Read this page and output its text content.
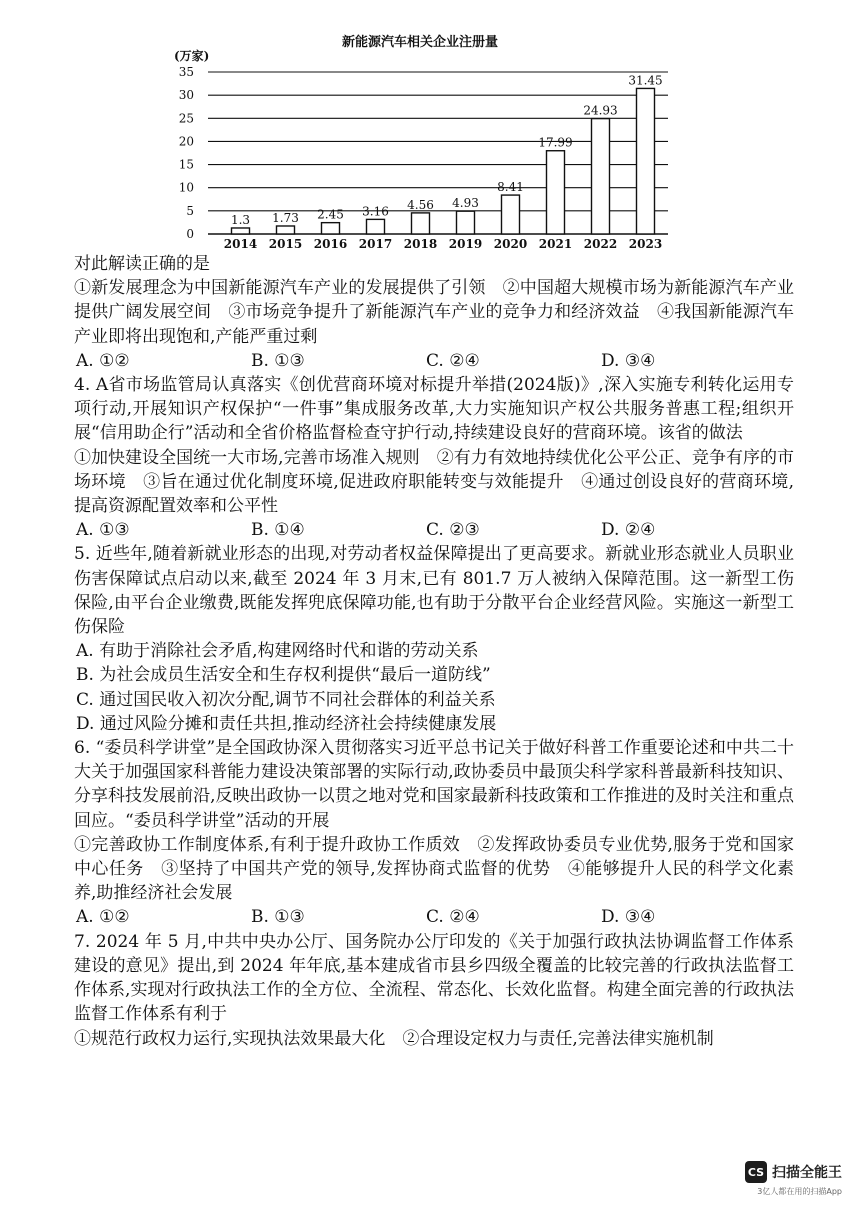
新能源汽车相关企业注册量
(万家)
0
5
10
15
20
25
30
35
1.3
2014
1.73
2015
2.45
2016
3.16
2017
4.56
2018
4.93
2019
8.41
2020
17.99
2021
24.93
2022
31.45
2023

对此解读正确的是

①新发展理念为中国新能源汽车产业的发展提供了引领　②中国超大规模市场为新能源汽车产业提供广阔发展空间　③市场竞争提升了新能源汽车产业的竞争力和经济效益　④我国新能源汽车产业即将出现饱和,产能严重过剩

A. ①②	B. ①③	C. ②④	D. ③④

4. A省市场监管局认真落实《创优营商环境对标提升举措(2024版)》,深入实施专利转化运用专项行动,开展知识产权保护“一件事”集成服务改革,大力实施知识产权公共服务普惠工程;组织开展“信用助企行”活动和全省价格监督检查守护行动,持续建设良好的营商环境。该省的做法

①加快建设全国统一大市场,完善市场准入规则　②有力有效地持续优化公平公正、竞争有序的市场环境　③旨在通过优化制度环境,促进政府职能转变与效能提升　④通过创设良好的营商环境,提高资源配置效率和公平性

A. ①③	B. ①④	C. ②③	D. ②④

5. 近些年,随着新就业形态的出现,对劳动者权益保障提出了更高要求。新就业形态就业人员职业伤害保障试点启动以来,截至 2024 年 3 月末,已有 801.7 万人被纳入保障范围。这一新型工伤保险,由平台企业缴费,既能发挥兜底保障功能,也有助于分散平台企业经营风险。实施这一新型工伤保险

A. 有助于消除社会矛盾,构建网络时代和谐的劳动关系

B. 为社会成员生活安全和生存权利提供“最后一道防线”

C. 通过国民收入初次分配,调节不同社会群体的利益关系

D. 通过风险分摊和责任共担,推动经济社会持续健康发展

6. “委员科学讲堂”是全国政协深入贯彻落实习近平总书记关于做好科普工作重要论述和中共二十大关于加强国家科普能力建设决策部署的实际行动,政协委员中最顶尖科学家科普最新科技知识、分享科技发展前沿,反映出政协一以贯之地对党和国家最新科技政策和工作推进的及时关注和重点回应。“委员科学讲堂”活动的开展

①完善政协工作制度体系,有利于提升政协工作质效　②发挥政协委员专业优势,服务于党和国家中心任务　③坚持了中国共产党的领导,发挥协商式监督的优势　④能够提升人民的科学文化素养,助推经济社会发展

A. ①②	B. ①③	C. ②④	D. ③④

7. 2024 年 5 月,中共中央办公厅、国务院办公厅印发的《关于加强行政执法协调监督工作体系建设的意见》提出,到 2024 年年底,基本建成省市县乡四级全覆盖的比较完善的行政执法监督工作体系,实现对行政执法工作的全方位、全流程、常态化、长效化监督。构建全面完善的行政执法监督工作体系有利于

①规范行政权力运行,实现执法效果最大化　②合理设定权力与责任,完善法律实施机制

CS 扫描全能王
3亿人都在用的扫描App
